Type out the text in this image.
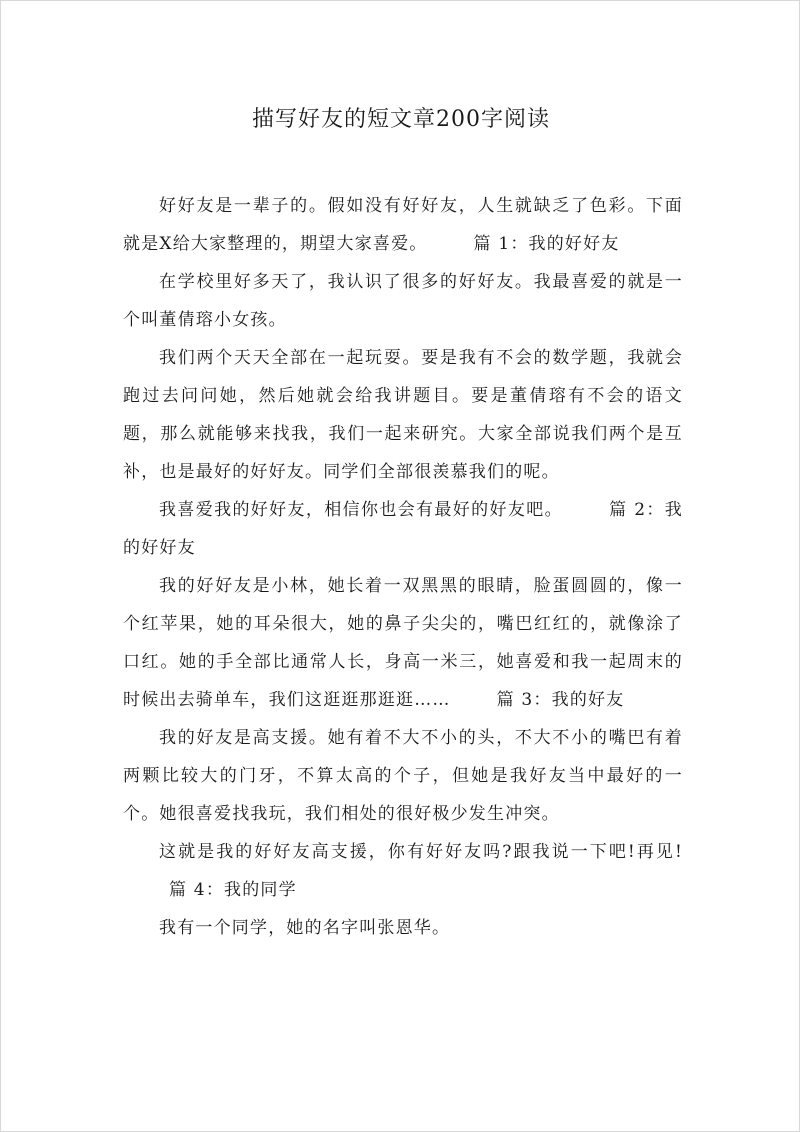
描写好友的短文章200字阅读

好好友是一辈子的。假如没有好好友，人生就缺乏了色彩。下面就是X给大家整理的，期望大家喜爱。	篇 1：我的好好友

在学校里好多天了，我认识了很多的好好友。我最喜爱的就是一个叫董倩瑢小女孩。

我们两个天天全部在一起玩耍。要是我有不会的数学题，我就会跑过去问问她，然后她就会给我讲题目。要是董倩瑢有不会的语文题，那么就能够来找我，我们一起来研究。大家全部说我们两个是互补，也是最好的好好友。同学们全部很羡慕我们的呢。

我喜爱我的好好友，相信你也会有最好的好友吧。	篇 2：我的好好友

我的好好友是小林，她长着一双黑黑的眼睛，脸蛋圆圆的，像一个红苹果，她的耳朵很大，她的鼻子尖尖的，嘴巴红红的，就像涂了口红。她的手全部比通常人长，身高一米三，她喜爱和我一起周末的时候出去骑单车，我们这逛逛那逛逛……	篇 3：我的好友

我的好友是高支援。她有着不大不小的头，不大不小的嘴巴有着两颗比较大的门牙，不算太高的个子，但她是我好友当中最好的一个。她很喜爱找我玩，我们相处的很好极少发生冲突。

这就是我的好好友高支援，你有好好友吗?跟我说一下吧!再见!篇 4：我的同学

我有一个同学，她的名字叫张恩华。
